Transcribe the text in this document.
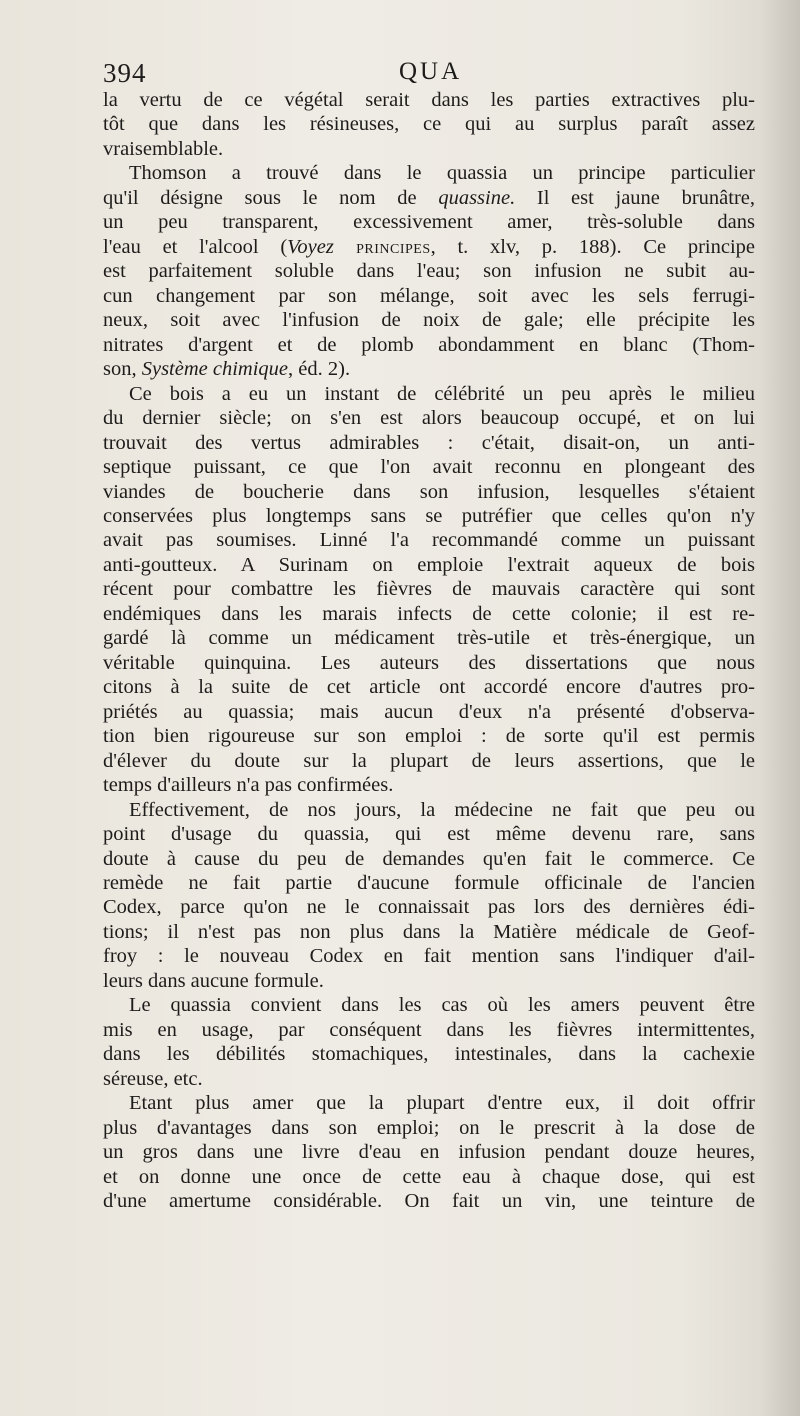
394	QUA
la vertu de ce végétal serait dans les parties extractives plu-
tôt que dans les résineuses, ce qui au surplus paraît assez
vraisemblable.
Thomson a trouvé dans le quassia un principe particulier
qu'il désigne sous le nom de quassine. Il est jaune brunâtre,
un peu transparent, excessivement amer, très-soluble dans
l'eau et l'alcool (Voyez principes, t. xlv, p. 188). Ce principe
est parfaitement soluble dans l'eau; son infusion ne subit au-
cun changement par son mélange, soit avec les sels ferrugi-
neux, soit avec l'infusion de noix de gale; elle précipite les
nitrates d'argent et de plomb abondamment en blanc (Thom-
son, Système chimique, éd. 2).
Ce bois a eu un instant de célébrité un peu après le milieu
du dernier siècle; on s'en est alors beaucoup occupé, et on lui
trouvait des vertus admirables : c'était, disait-on, un anti-
septique puissant, ce que l'on avait reconnu en plongeant des
viandes de boucherie dans son infusion, lesquelles s'étaient
conservées plus longtemps sans se putréfier que celles qu'on n'y
avait pas soumises. Linné l'a recommandé comme un puissant
anti-goutteux. A Surinam on emploie l'extrait aqueux de bois
récent pour combattre les fièvres de mauvais caractère qui sont
endémiques dans les marais infects de cette colonie; il est re-
gardé là comme un médicament très-utile et très-énergique, un
véritable quinquina. Les auteurs des dissertations que nous
citons à la suite de cet article ont accordé encore d'autres pro-
priétés au quassia; mais aucun d'eux n'a présenté d'observa-
tion bien rigoureuse sur son emploi : de sorte qu'il est permis
d'élever du doute sur la plupart de leurs assertions, que le
temps d'ailleurs n'a pas confirmées.
Effectivement, de nos jours, la médecine ne fait que peu ou
point d'usage du quassia, qui est même devenu rare, sans
doute à cause du peu de demandes qu'en fait le commerce. Ce
remède ne fait partie d'aucune formule officinale de l'ancien
Codex, parce qu'on ne le connaissait pas lors des dernières édi-
tions; il n'est pas non plus dans la Matière médicale de Geof-
froy : le nouveau Codex en fait mention sans l'indiquer d'ail-
leurs dans aucune formule.
Le quassia convient dans les cas où les amers peuvent être
mis en usage, par conséquent dans les fièvres intermittentes,
dans les débilités stomachiques, intestinales, dans la cachexie
séreuse, etc.
Etant plus amer que la plupart d'entre eux, il doit offrir
plus d'avantages dans son emploi; on le prescrit à la dose de
un gros dans une livre d'eau en infusion pendant douze heures,
et on donne une once de cette eau à chaque dose, qui est
d'une amertume considérable. On fait un vin, une teinture de
